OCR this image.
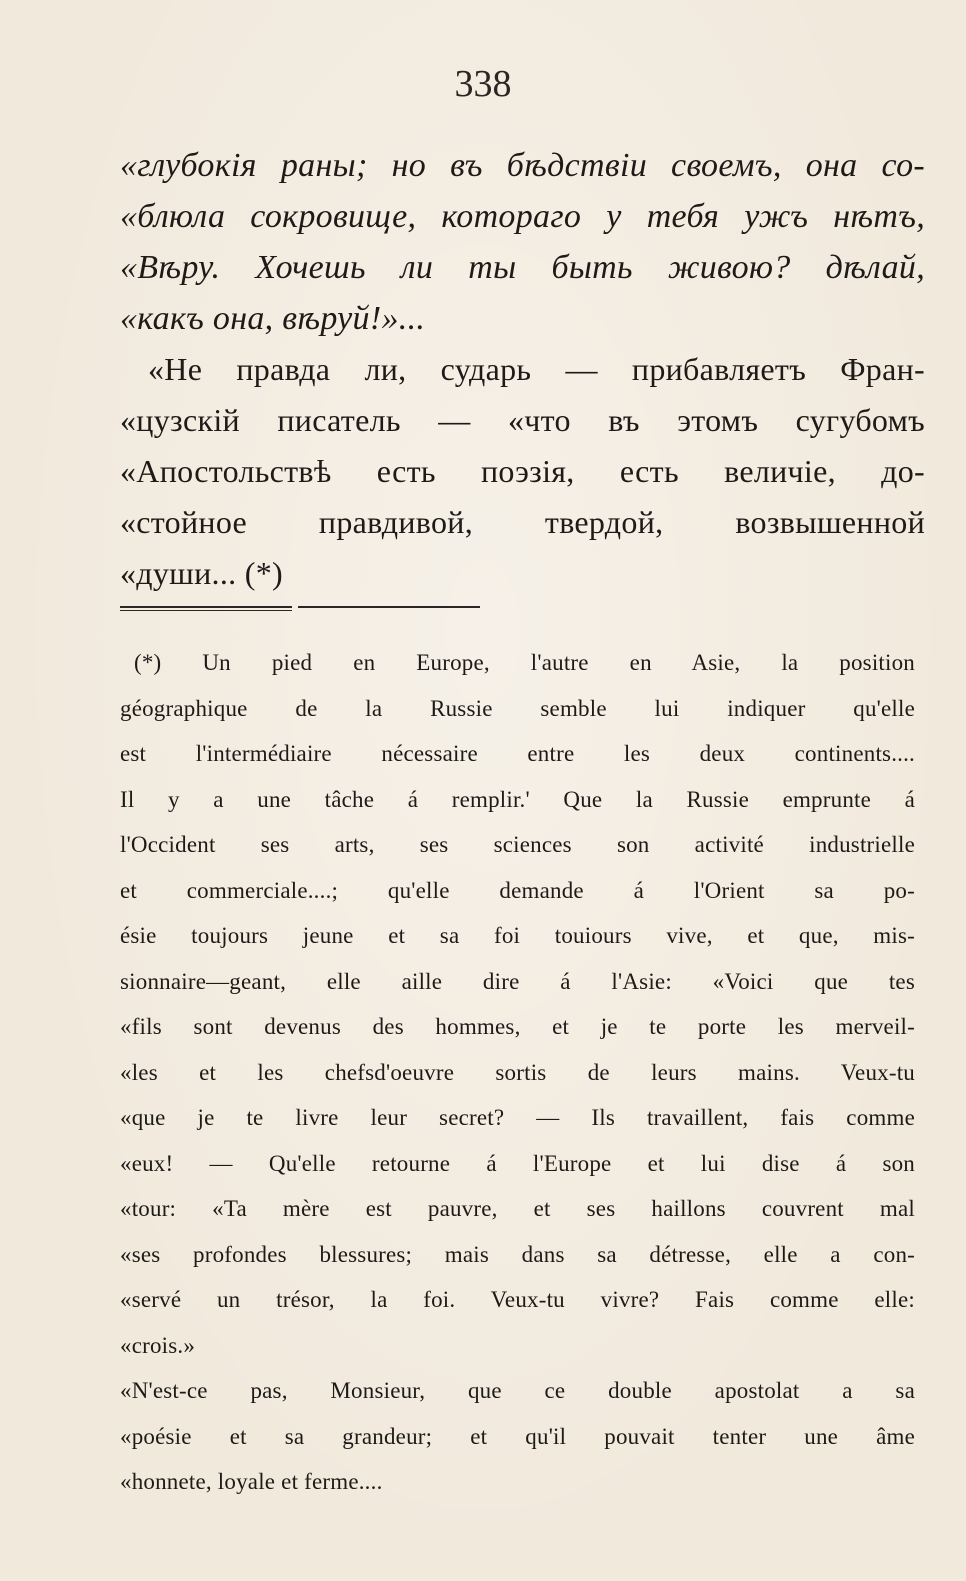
338
«глубокія раны; но въ бѣдствіи своемъ, она со-
«блюла сокровище, котораго у тебя ужъ нѣтъ,
«Вѣру. Хочешь ли ты быть живою? дѣлай,
«какъ она, вѣруй!»...
«Не правда ли, сударь — прибавляетъ Фран-
«цузскій писатель — «что въ этомъ сугубомъ
«Апостольствѣ есть поэзія, есть величіе, до-
«стойное правдивой, твердой, возвышенной
«души... (*)
(*) Un pied en Europe, l'autre en Asie, la position
géographique de la Russie semble lui indiquer qu'elle
est l'intermédiaire nécessaire entre les deux continents....
Il y a une tâche á remplir.' Que la Russie emprunte á
l'Occident ses arts, ses sciences son activité industrielle
et commerciale....; qu'elle demande á l'Orient sa po-
ésie toujours jeune et sa foi touiours vive, et que, mis-
sionnaire—geant, elle aille dire á l'Asie: «Voici que tes
«fils sont devenus des hommes, et je te porte les merveil-
«les et les chefsd'oeuvre sortis de leurs mains. Veux-tu
«que je te livre leur secret? — Ils travaillent, fais comme
«eux! — Qu'elle retourne á l'Europe et lui dise á son
«tour: «Ta mère est pauvre, et ses haillons couvrent mal
«ses profondes blessures; mais dans sa détresse, elle a con-
«servé un trésor, la foi. Veux-tu vivre? Fais comme elle:
«crois.»
«N'est-ce pas, Monsieur, que ce double apostolat a sa
«poésie et sa grandeur; et qu'il pouvait tenter une âme
«honnete, loyale et ferme....
